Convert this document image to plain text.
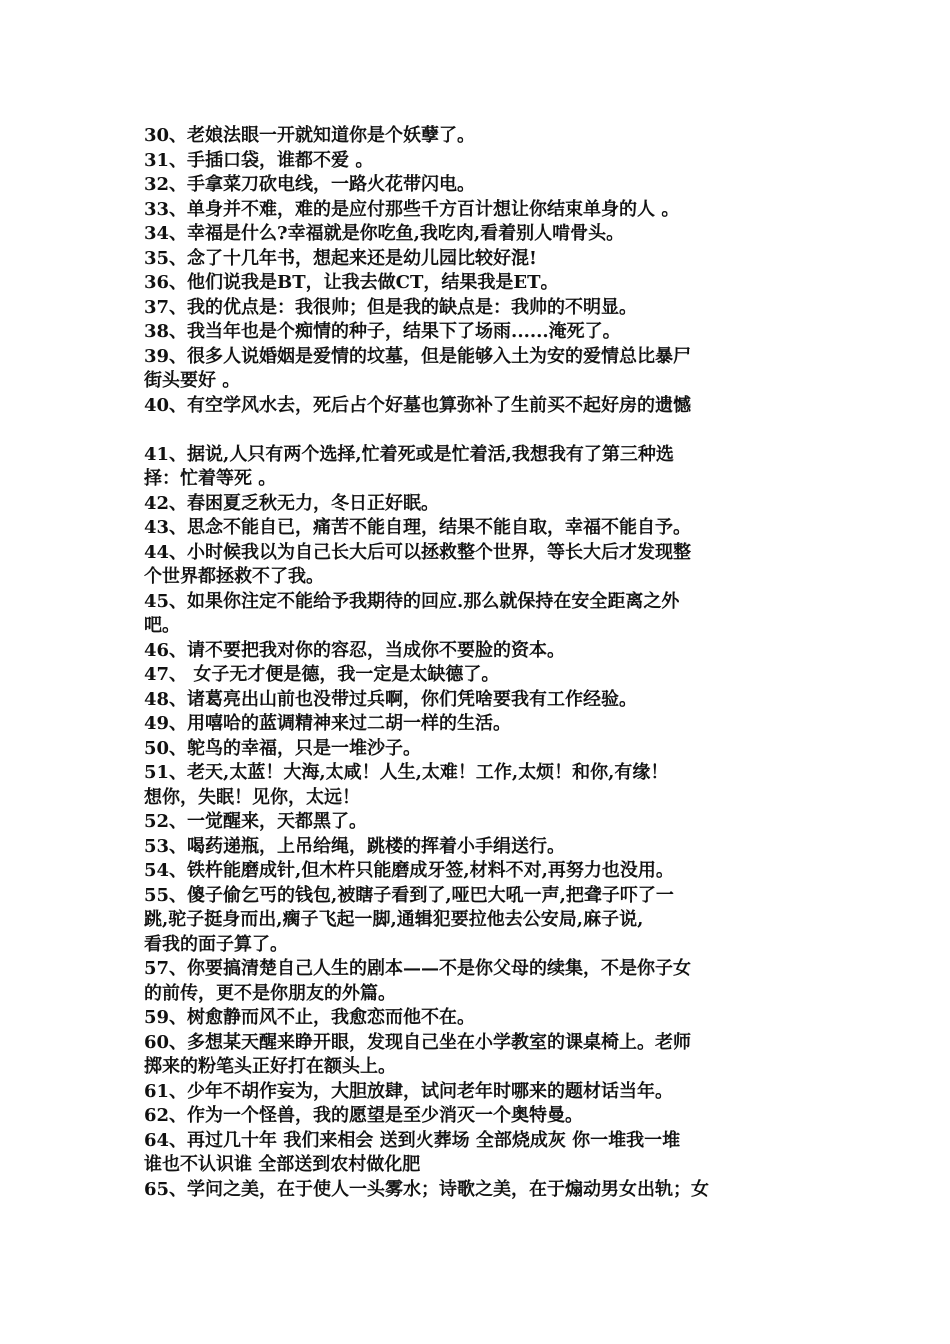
30、老娘法眼一开就知道你是个妖孽了。
31、手插口袋，谁都不爱 。
32、手拿菜刀砍电线，一路火花带闪电。
33、单身并不难，难的是应付那些千方百计想让你结束单身的人 。
34、幸福是什么?幸福就是你吃鱼,我吃肉,看着别人啃骨头。
35、念了十几年书，想起来还是幼儿园比较好混!
36、他们说我是BT，让我去做CT，结果我是ET。
37、我的优点是：我很帅；但是我的缺点是：我帅的不明显。
38、我当年也是个痴情的种子，结果下了场雨......淹死了。
39、很多人说婚姻是爱情的坟墓，但是能够入土为安的爱情总比暴尸
街头要好 。
40、有空学风水去，死后占个好墓也算弥补了生前买不起好房的遗憾
41、据说,人只有两个选择,忙着死或是忙着活,我想我有了第三种选
择：忙着等死 。
42、春困夏乏秋无力，冬日正好眠。
43、思念不能自已，痛苦不能自理，结果不能自取，幸福不能自予。
44、小时候我以为自己长大后可以拯救整个世界，等长大后才发现整
个世界都拯救不了我。
45、如果你注定不能给予我期待的回应.那么就保持在安全距离之外
吧。
46、请不要把我对你的容忍，当成你不要脸的资本。
47、 女子无才便是德，我一定是太缺德了。
48、诸葛亮出山前也没带过兵啊，你们凭啥要我有工作经验。
49、用嘻哈的蓝调精神来过二胡一样的生活。
50、鸵鸟的幸福，只是一堆沙子。
51、老天,太蓝！大海,太咸！人生,太难！工作,太烦！和你,有缘！
想你，失眠！见你，太远！
52、一觉醒来，天都黑了。
53、喝药递瓶，上吊给绳，跳楼的挥着小手绢送行。
54、铁杵能磨成针,但木杵只能磨成牙签,材料不对,再努力也没用。
55、傻子偷乞丐的钱包,被瞎子看到了,哑巴大吼一声,把聋子吓了一
跳,驼子挺身而出,瘸子飞起一脚,通辑犯要拉他去公安局,麻子说,
看我的面子算了。
57、你要搞清楚自己人生的剧本——不是你父母的续集，不是你子女
的前传，更不是你朋友的外篇。
59、树愈静而风不止，我愈恋而他不在。
60、多想某天醒来睁开眼，发现自己坐在小学教室的课桌椅上。老师
掷来的粉笔头正好打在额头上。
61、少年不胡作妄为，大胆放肆，试问老年时哪来的题材话当年。
62、作为一个怪兽，我的愿望是至少消灭一个奥特曼。
64、再过几十年 我们来相会 送到火葬场 全部烧成灰 你一堆我一堆
谁也不认识谁 全部送到农村做化肥
65、学问之美，在于使人一头雾水；诗歌之美，在于煽动男女出轨；女
